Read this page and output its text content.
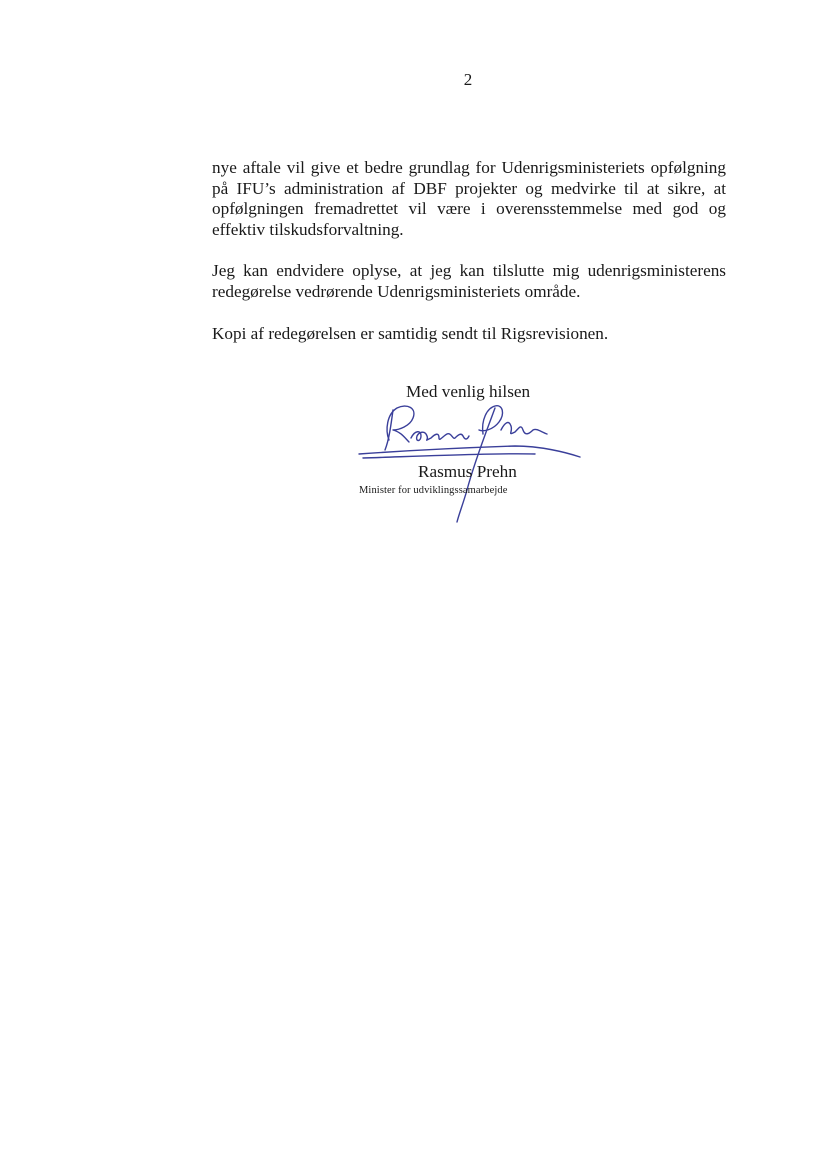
2

nye aftale vil give et bedre grundlag for Udenrigsministeriets opfølgning på IFU’s administration af DBF projekter og medvirke til at sikre, at opfølgningen fremadrettet vil være i overensstemmelse med god og effektiv tilskudsforvaltning.

Jeg kan endvidere oplyse, at jeg kan tilslutte mig udenrigsministerens redegørelse vedrørende Udenrigsministeriets område.

Kopi af redegørelsen er samtidig sendt til Rigsrevisionen.

Med venlig hilsen
Rasmus Prehn
Minister for udviklingssamarbejde
